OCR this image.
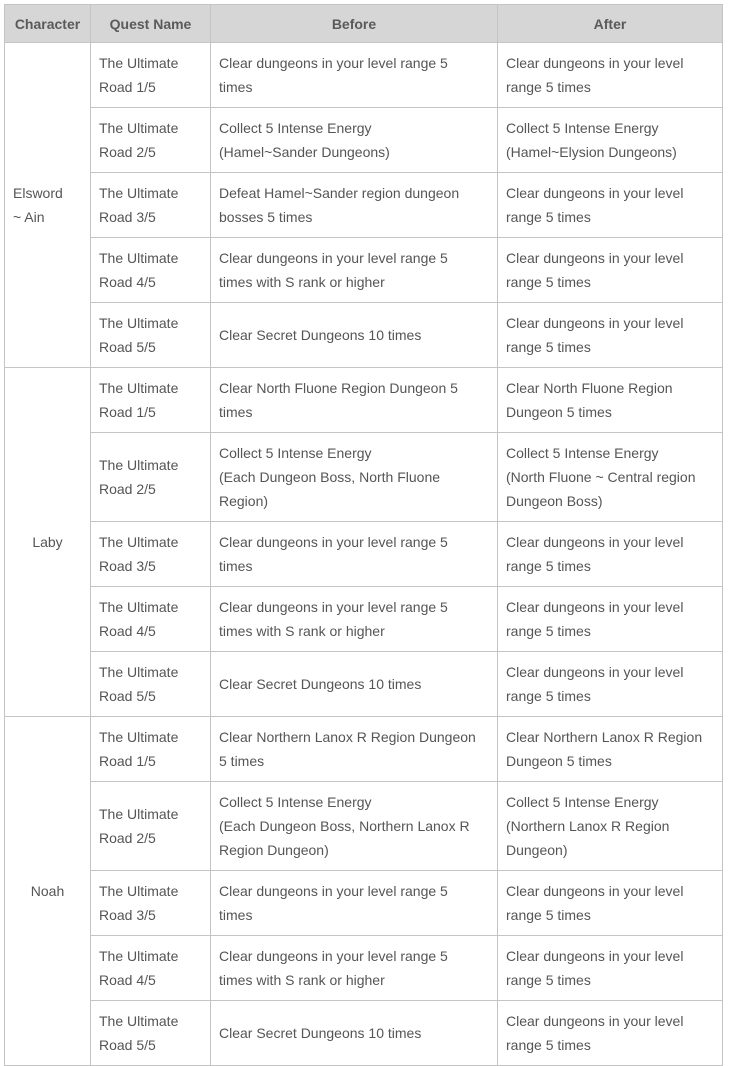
Character	Quest Name	Before	After

Elsword
~ Ain	The Ultimate
Road 1/5	Clear dungeons in your level range 5
times	Clear dungeons in your level
range 5 times

	The Ultimate
Road 2/5	Collect 5 Intense Energy
(Hamel~Sander Dungeons)	Collect 5 Intense Energy
(Hamel~Elysion Dungeons)

	The Ultimate
Road 3/5	Defeat Hamel~Sander region dungeon
bosses 5 times	Clear dungeons in your level
range 5 times

	The Ultimate
Road 4/5	Clear dungeons in your level range 5
times with S rank or higher	Clear dungeons in your level
range 5 times

	The Ultimate
Road 5/5	Clear Secret Dungeons 10 times	Clear dungeons in your level
range 5 times

Laby	The Ultimate
Road 1/5	Clear North Fluone Region Dungeon 5
times	Clear North Fluone Region
Dungeon 5 times

	The Ultimate
Road 2/5	Collect 5 Intense Energy
(Each Dungeon Boss, North Fluone
Region)	Collect 5 Intense Energy
(North Fluone ~ Central region
Dungeon Boss)

	The Ultimate
Road 3/5	Clear dungeons in your level range 5
times	Clear dungeons in your level
range 5 times

	The Ultimate
Road 4/5	Clear dungeons in your level range 5
times with S rank or higher	Clear dungeons in your level
range 5 times

	The Ultimate
Road 5/5	Clear Secret Dungeons 10 times	Clear dungeons in your level
range 5 times

Noah	The Ultimate
Road 1/5	Clear Northern Lanox R Region Dungeon
5 times	Clear Northern Lanox R Region
Dungeon 5 times

	The Ultimate
Road 2/5	Collect 5 Intense Energy
(Each Dungeon Boss, Northern Lanox R
Region Dungeon)	Collect 5 Intense Energy
(Northern Lanox R Region
Dungeon)

	The Ultimate
Road 3/5	Clear dungeons in your level range 5
times	Clear dungeons in your level
range 5 times

	The Ultimate
Road 4/5	Clear dungeons in your level range 5
times with S rank or higher	Clear dungeons in your level
range 5 times

	The Ultimate
Road 5/5	Clear Secret Dungeons 10 times	Clear dungeons in your level
range 5 times
